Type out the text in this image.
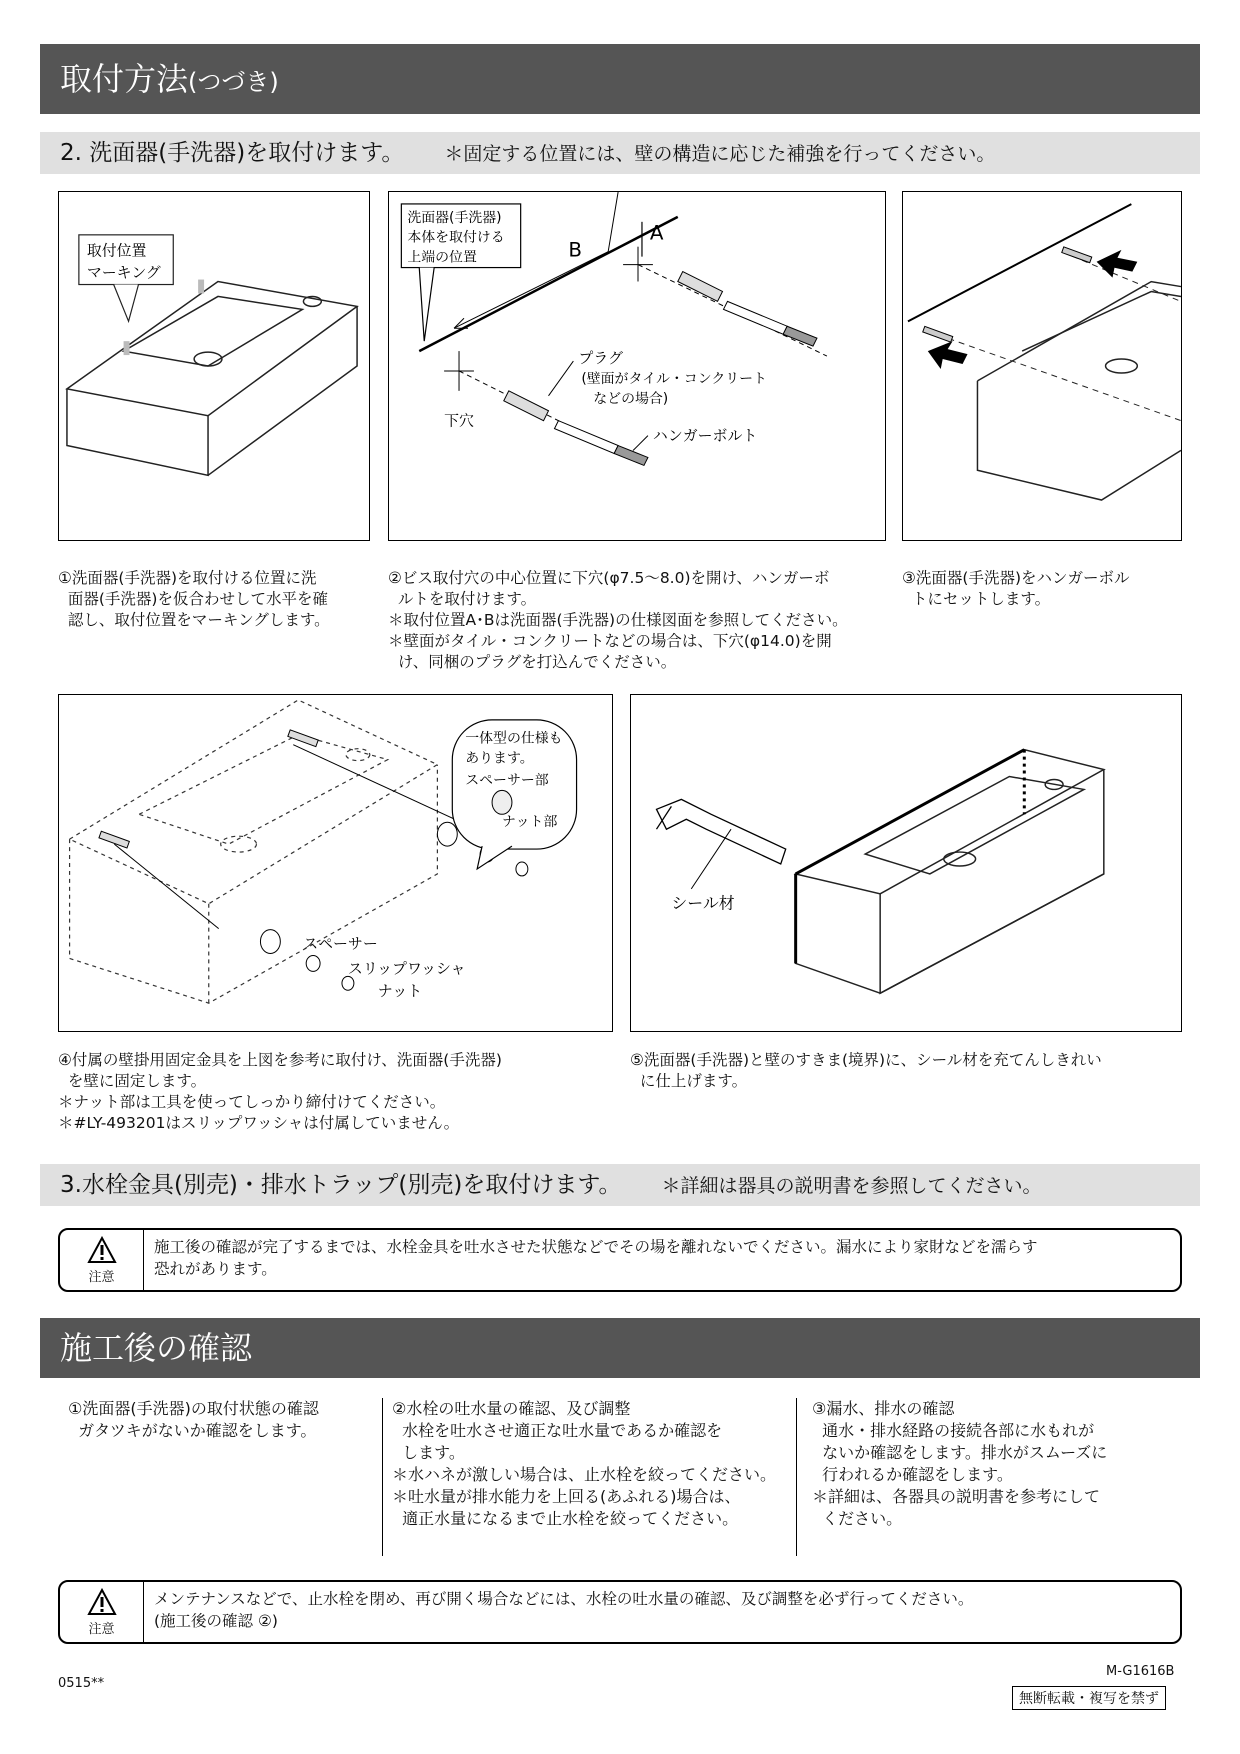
取付方法(つづき)
2. 洗面器(手洗器)を取付けます。 ＊固定する位置には、壁の構造に応じた補強を行ってください。
取付位置
マーキング
B
A
洗面器(手洗器)
本体を取付ける
上端の位置
プラグ
(壁面がタイル・コンクリート
などの場合)
下穴
ハンガーボルト
①洗面器(手洗器)を取付ける位置に洗
面器(手洗器)を仮合わせして水平を確
認し、取付位置をマーキングします。
②ビス取付穴の中心位置に下穴(φ7.5～8.0)を開け、ハンガーボ
ルトを取付けます。
＊取付位置A･Bは洗面器(手洗器)の仕様図面を参照してください。
＊壁面がタイル・コンクリートなどの場合は、下穴(φ14.0)を開
け、同梱のプラグを打込んでください。
③洗面器(手洗器)をハンガーボル
トにセットします。
一体型の仕様も
あります。
スペーサー部
ナット部
スペーサー
スリップワッシャ
ナット
シール材
④付属の壁掛用固定金具を上図を参考に取付け、洗面器(手洗器)
を壁に固定します。
＊ナット部は工具を使ってしっかり締付けてください。
＊#LY-493201はスリップワッシャは付属していません。
⑤洗面器(手洗器)と壁のすきま(境界)に、シール材を充てんしきれい
に仕上げます。
3.水栓金具(別売)・排水トラップ(別売)を取付けます。 ＊詳細は器具の説明書を参照してください。
注意
施工後の確認が完了するまでは、水栓金具を吐水させた状態などでその場を離れないでください。漏水により家財などを濡らす
恐れがあります。
施工後の確認
①洗面器(手洗器)の取付状態の確認
ガタツキがないか確認をします。
②水栓の吐水量の確認、及び調整
水栓を吐水させ適正な吐水量であるか確認を
します。
＊水ハネが激しい場合は、止水栓を絞ってください。
＊吐水量が排水能力を上回る(あふれる)場合は、
適正水量になるまで止水栓を絞ってください。
③漏水、排水の確認
通水・排水経路の接続各部に水もれが
ないか確認をします。排水がスムーズに
行われるか確認をします。
＊詳細は、各器具の説明書を参考にして
ください。
注意
メンテナンスなどで、止水栓を閉め、再び開く場合などには、水栓の吐水量の確認、及び調整を必ず行ってください。
(施工後の確認 ②)
0515**
M-G1616B
無断転載・複写を禁ず
